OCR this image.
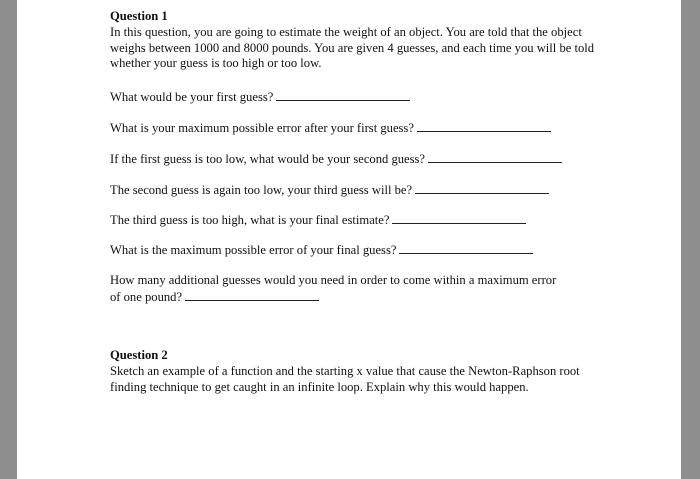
Question 1

In this question, you are going to estimate the weight of an object. You are told that the object weighs between 1000 and 8000 pounds. You are given 4 guesses, and each time you will be told whether your guess is too high or too low.

What would be your first guess?
What is your maximum possible error after your first guess?
If the first guess is too low, what would be your second guess?
The second guess is again too low, your third guess will be?
The third guess is too high, what is your final estimate?
What is the maximum possible error of your final guess?
How many additional guesses would you need in order to come within a maximum error
of one pound?

Question 2

Sketch an example of a function and the starting x value that cause the Newton-Raphson root finding technique to get caught in an infinite loop. Explain why this would happen.
